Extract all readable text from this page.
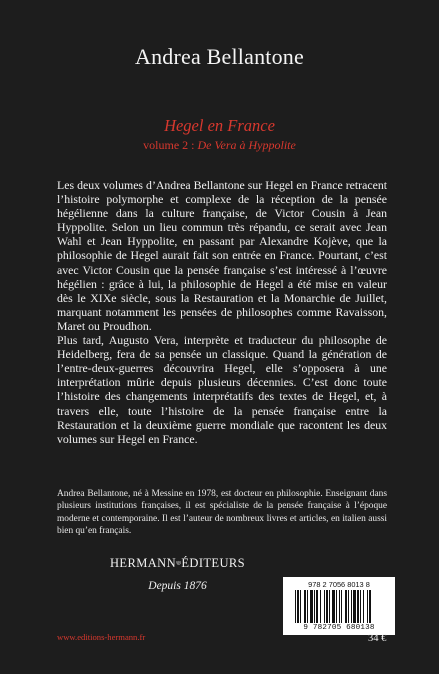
Andrea Bellantone
Hegel en France
volume 2 : De Vera à Hyppolite

Les deux volumes d’Andrea Bellantone sur Hegel en France retracent l’histoire polymorphe et complexe de la réception de la pensée hégélienne dans la culture française, de Victor Cousin à Jean Hyppolite. Selon un lieu commun très répandu, ce serait avec Jean Wahl et Jean Hyppolite, en passant par Alexandre Kojève, que la philosophie de Hegel aurait fait son entrée en France. Pourtant, c’est avec Victor Cousin que la pensée française s’est intéressé à l’œuvre hégélien : grâce à lui, la philosophie de Hegel a été mise en valeur dès le XIXe siècle, sous la Restauration et la Monarchie de Juillet, marquant notamment les pensées de philosophes comme Ravaisson, Maret ou Proudhon.

Plus tard, Augusto Vera, interprète et traducteur du philosophe de Heidelberg, fera de sa pensée un classique. Quand la génération de l’entre-deux-guerres découvrira Hegel, elle s’opposera à une interprétation mûrie depuis plusieurs décennies. C’est donc toute l’histoire des changements interprétatifs des textes de Hegel, et, à travers elle, toute l’histoire de la pensée française entre la Restauration et la deuxième guerre mondiale que racontent les deux volumes sur Hegel en France.

Andrea Bellantone, né à Messine en 1978, est docteur en philosophie. Enseignant dans plusieurs institutions françaises, il est spécialiste de la pensée française à l’époque moderne et contemporaine. Il est l’auteur de nombreux livres et articles, en italien aussi bien qu’en français.
HERMANN ÉDITEURS
Depuis 1876
www.editions-hermann.fr
978 2 7056 8013 8
9 782705 680138
34 €
